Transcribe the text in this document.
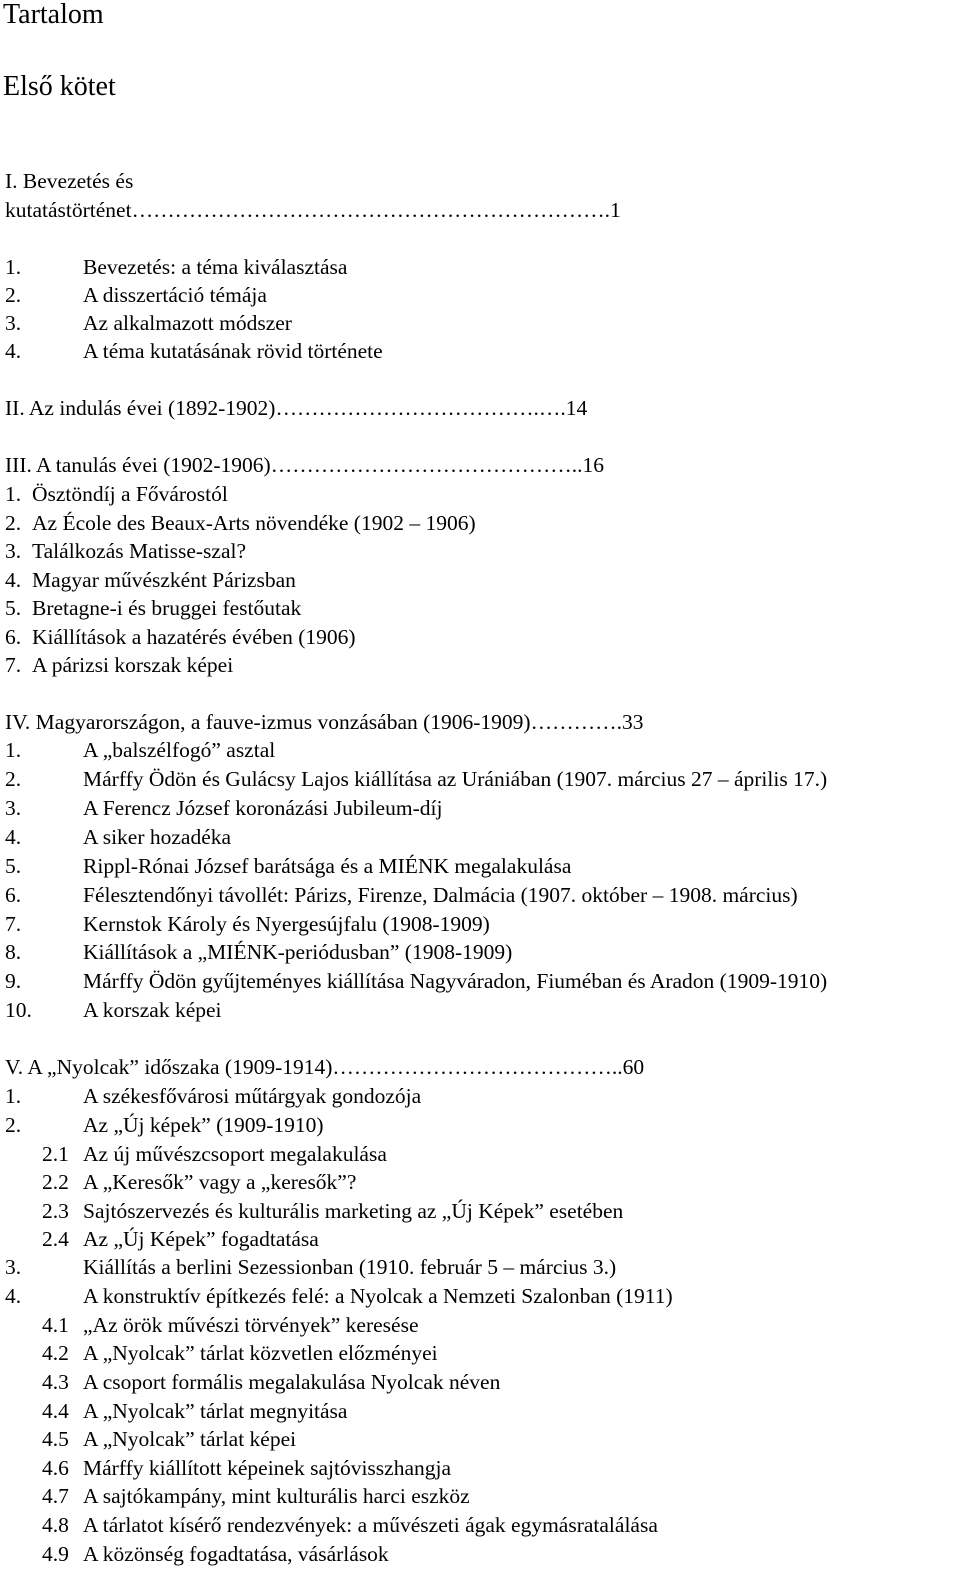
Tartalom
Első kötet
I. Bevezetés és
kutatástörténet………………………………………………………….1
1.	Bevezetés: a téma kiválasztása
2.	A disszertáció témája
3.	Az alkalmazott módszer
4.	A téma kutatásának rövid története
II. Az indulás évei (1892-1902)……………………………….….14
III. A tanulás évei (1902-1906)……………………………………..16
1. Ösztöndíj a Fővárostól
2. Az École des Beaux-Arts növendéke (1902 – 1906)
3. Találkozás Matisse-szal?
4. Magyar művészként Párizsban
5. Bretagne-i és bruggei festőutak
6. Kiállítások a hazatérés évében (1906)
7. A párizsi korszak képei
IV. Magyarországon, a fauve-izmus vonzásában (1906-1909)………….33
1.	A „balszélfogó” asztal
2.	Márffy Ödön és Gulácsy Lajos kiállítása az Urániában (1907. március 27 – április 17.)
3.	A Ferencz József koronázási Jubileum-díj
4.	A siker hozadéka
5.	Rippl-Rónai József barátsága és a MIÉNK megalakulása
6.	Félesztendőnyi távollét: Párizs, Firenze, Dalmácia (1907. október – 1908. március)
7.	Kernstok Károly és Nyergesújfalu (1908-1909)
8.	Kiállítások a „MIÉNK-periódusban” (1908-1909)
9.	Márffy Ödön gyűjteményes kiállítása Nagyváradon, Fiuméban és Aradon (1909-1910)
10. A korszak képei
V. A „Nyolcak” időszaka (1909-1914)…………………………………..60
1.	A székesfővárosi műtárgyak gondozója
2.	Az „Új képek” (1909-1910)
2.1 Az új művészcsoport megalakulása
2.2 A „Keresők” vagy a „keresők”?
2.3 Sajtószervezés és kulturális marketing az „Új Képek” esetében
2.4 Az „Új Képek” fogadtatása
3.	Kiállítás a berlini Sezessionban (1910. február 5 – március 3.)
4.	A konstruktív építkezés felé: a Nyolcak a Nemzeti Szalonban (1911)
4.1 „Az örök művészi törvények” keresése
4.2 A „Nyolcak” tárlat közvetlen előzményei
4.3 A csoport formális megalakulása Nyolcak néven
4.4 A „Nyolcak” tárlat megnyitása
4.5 A „Nyolcak” tárlat képei
4.6 Márffy kiállított képeinek sajtóvisszhangja
4.7 A sajtókampány, mint kulturális harci eszköz
4.8 A tárlatot kísérő rendezvények: a művészeti ágak egymásratalálása
4.9 A közönség fogadtatása, vásárlások
